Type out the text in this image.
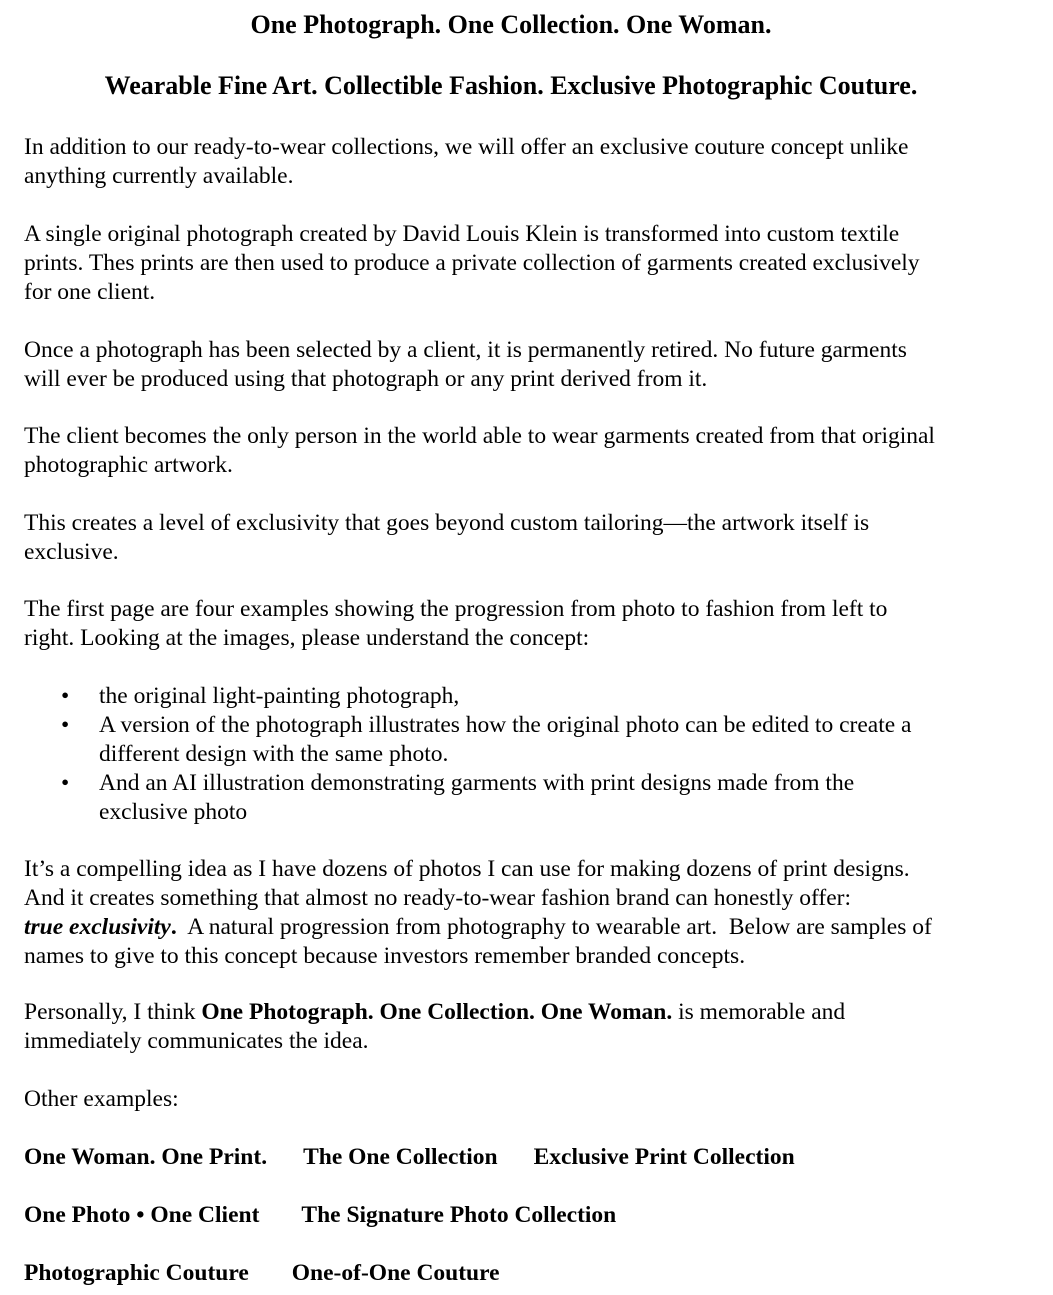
One Photograph. One Collection. One Woman.
Wearable Fine Art. Collectible Fashion. Exclusive Photographic Couture.

In addition to our ready-to-wear collections, we will offer an exclusive couture concept unlike
anything currently available.

A single original photograph created by David Louis Klein is transformed into custom textile
prints. Thes prints are then used to produce a private collection of garments created exclusively
for one client.

Once a photograph has been selected by a client, it is permanently retired. No future garments
will ever be produced using that photograph or any print derived from it.

The client becomes the only person in the world able to wear garments created from that original
photographic artwork.

This creates a level of exclusivity that goes beyond custom tailoring—the artwork itself is
exclusive.

The first page are four examples showing the progression from photo to fashion from left to
right. Looking at the images, please understand the concept:

• the original light-painting photograph,
• A version of the photograph illustrates how the original photo can be edited to create a
different design with the same photo.
• And an AI illustration demonstrating garments with print designs made from the
exclusive photo

It’s a compelling idea as I have dozens of photos I can use for making dozens of print designs.
And it creates something that almost no ready-to-wear fashion brand can honestly offer:
true exclusivity.  A natural progression from photography to wearable art.  Below are samples of
names to give to this concept because investors remember branded concepts.

Personally, I think One Photograph. One Collection. One Woman. is memorable and
immediately communicates the idea.

Other examples:

One Woman. One Print. The One Collection Exclusive Print Collection
One Photo • One Client The Signature Photo Collection
Photographic Couture One-of-One Couture
